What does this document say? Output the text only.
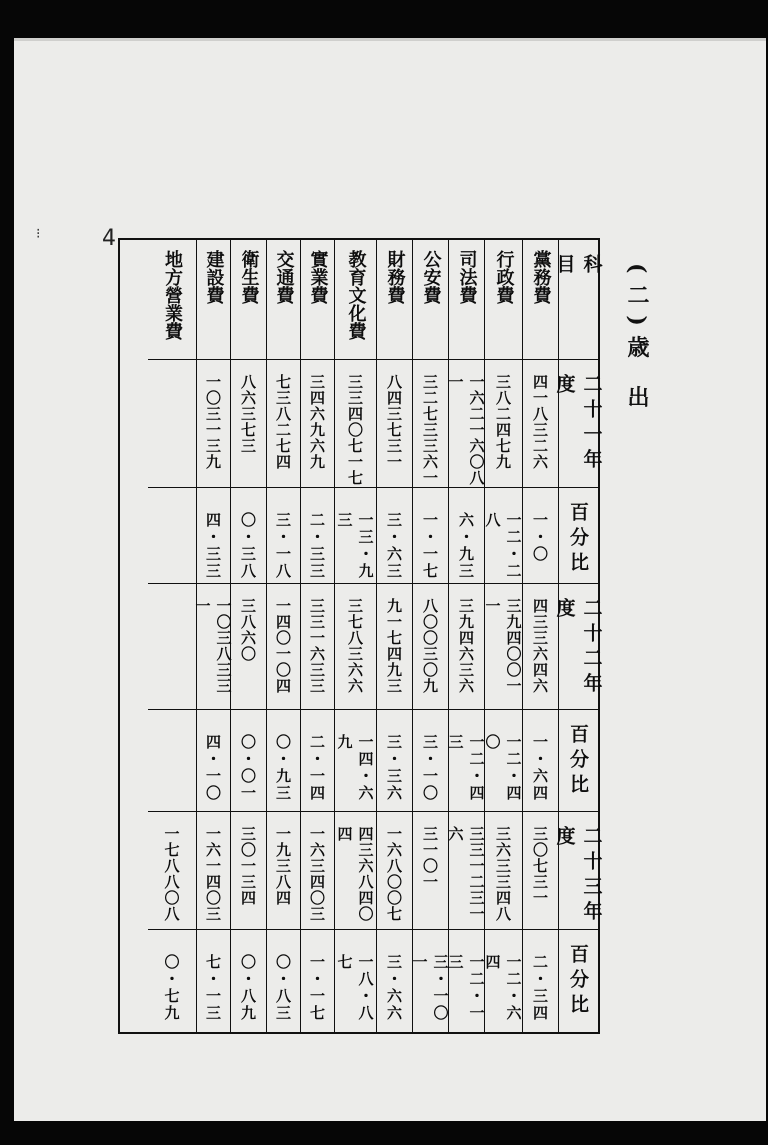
⁝	4
(二)歳 出
科 目
二十一年度
百分比
二十二年度
百分比
二十三年度
百分比
黨務費
四一八三二六
一・〇
四三三六四六
一・六四
三〇七三一
二・三四
行政費
三八二四七九
一二・二八
三九四〇〇一一
一二・四〇
三六三三四八
一二・六四
司法費
一六二一六〇八一
六・九三
三九四六三六
一二・四三
三三一二三一六
一二・一三
公安費
三二七三三六一
一・一七
八〇〇三〇九
三・一〇
三一〇一
三・一〇一
財務費
八四三七三一
三・六三
九一七四九三
三・三六
一六八〇〇七
三・六六
教育文化費
三三四〇七一七
一三・九三
三七八三六六
一四・六九
四三六八四〇四
一八・八七
實業費
三四六九六九
二・三三
三三一六三三
二・一四
一六三四〇三
一・一七
交通費
七三八二七四
三・一八
一四〇一〇四
〇・九三
一九三八四
〇・八三
衛生費
八六三七三
〇・三八
三八六〇
〇・〇一
三〇一三四
〇・八九
建設費
一〇三一三九
四・三三
一〇三八三三一
四・一〇
一六一四〇三
七・一三
地方營業費
一七八八〇八
〇・七九
